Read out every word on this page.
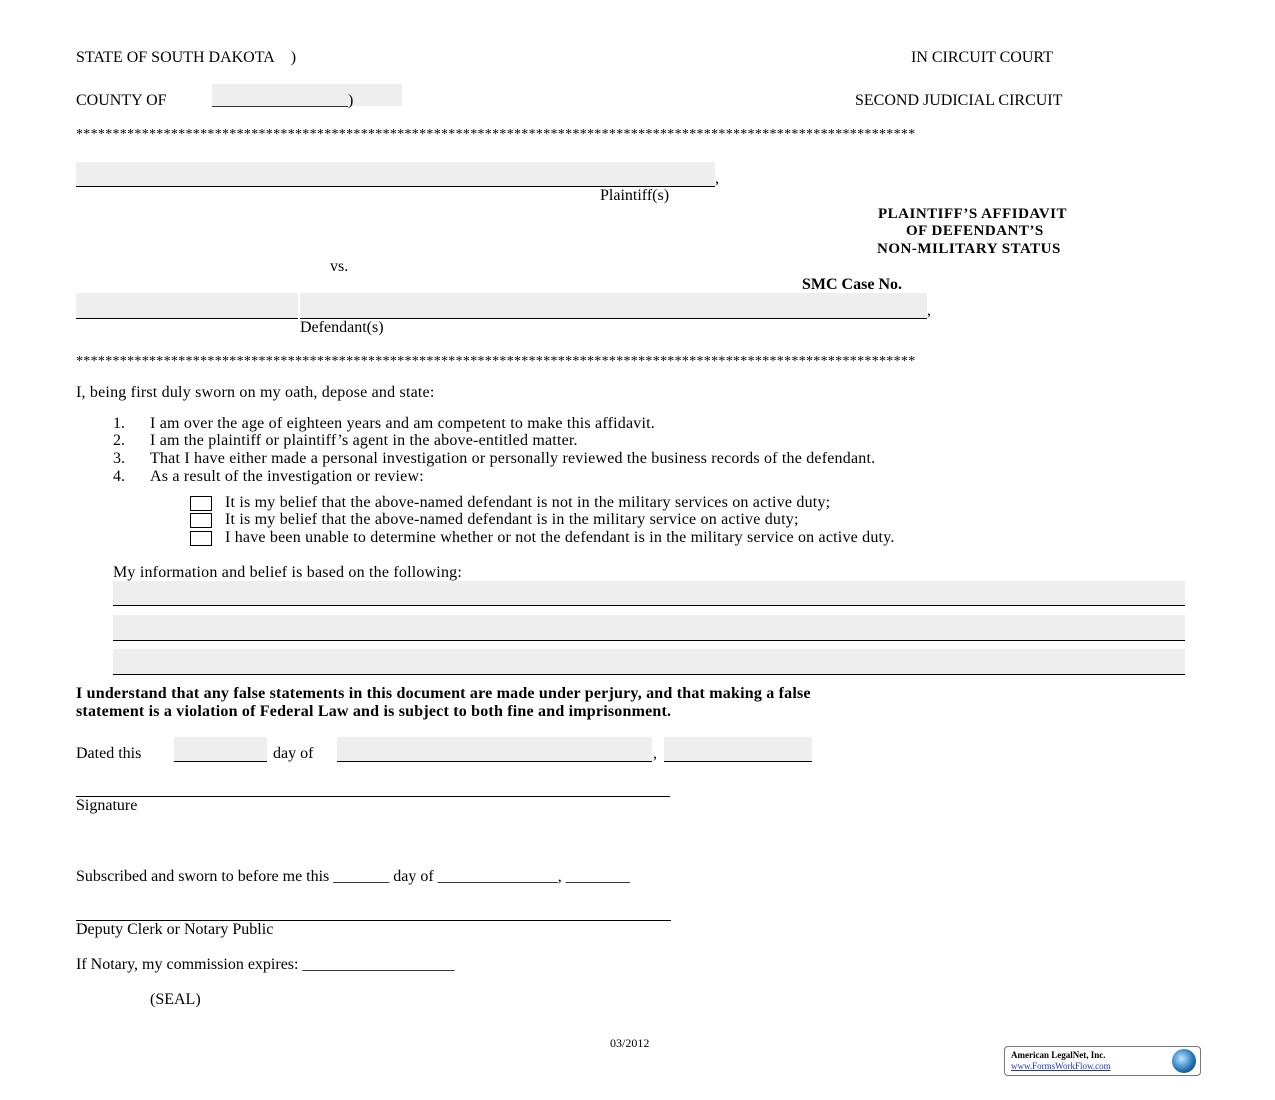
STATE OF SOUTH DAKOTA )	IN CIRCUIT COURT
COUNTY OF	_________________)	SECOND JUDICIAL CIRCUIT
*******************************************************************************************************************
,
Plaintiff(s)
PLAINTIFF’S AFFIDAVIT
OF DEFENDANT’S
NON-MILITARY STATUS
vs.
SMC Case No.
,
Defendant(s)
*******************************************************************************************************************
I, being first duly sworn on my oath, depose and state:
1. I am over the age of eighteen years and am competent to make this affidavit.
2. I am the plaintiff or plaintiff’s agent in the above-entitled matter.
3. That I have either made a personal investigation or personally reviewed the business records of the defendant.
4. As a result of the investigation or review:
It is my belief that the above-named defendant is not in the military services on active duty;
It is my belief that the above-named defendant is in the military service on active duty;
I have been unable to determine whether or not the defendant is in the military service on active duty.
My information and belief is based on the following:
I understand that any false statements in this document are made under perjury, and that making a false
statement is a violation of Federal Law and is subject to both fine and imprisonment.
Dated this	day of	,
Signature
Subscribed and sworn to before me this _______ day of _______________, ________
Deputy Clerk or Notary Public
If Notary, my commission expires: ___________________
(SEAL)
03/2012
American LegalNet, Inc.
www.FormsWorkFlow.com
